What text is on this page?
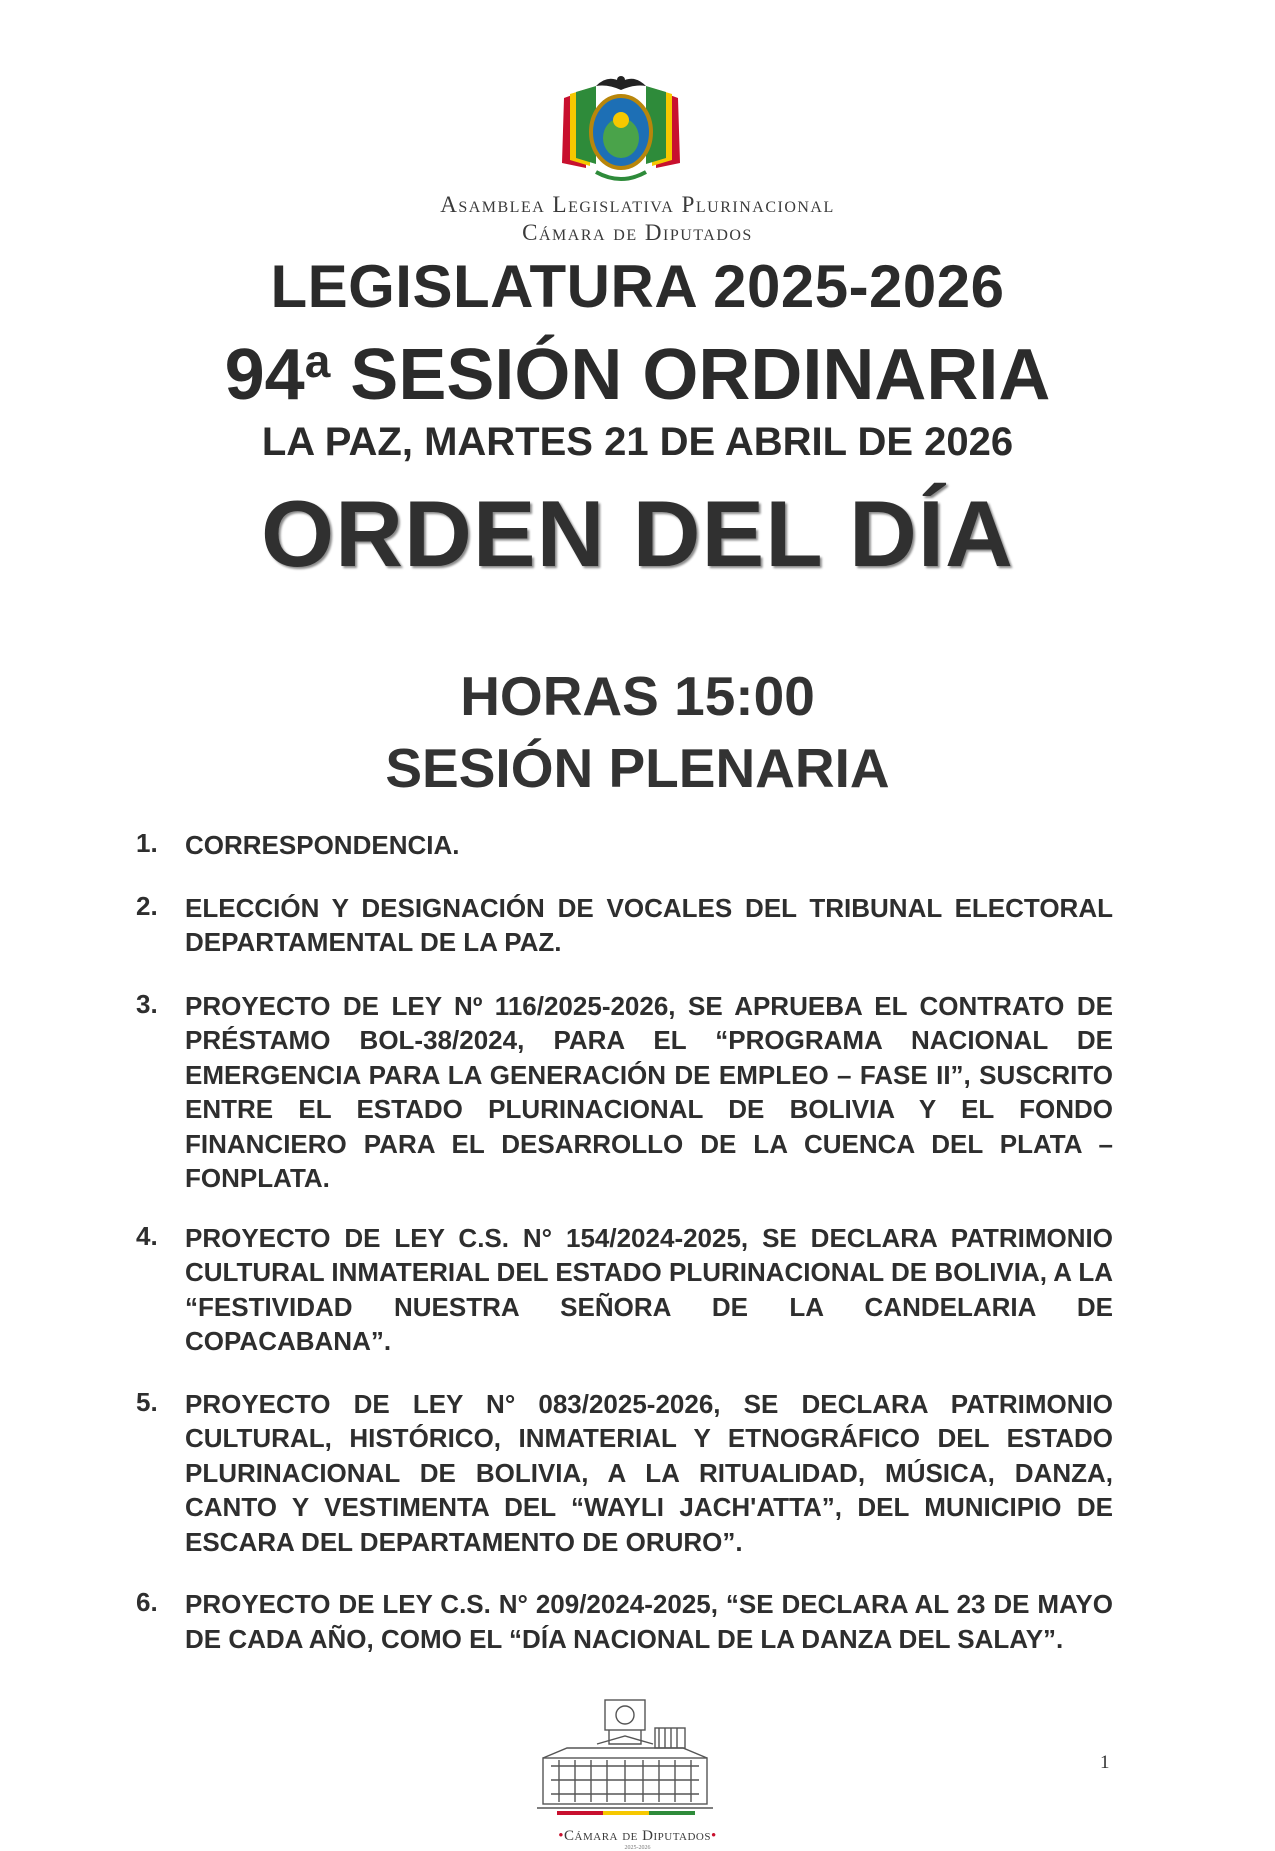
Asamblea Legislativa Plurinacional
Cámara de Diputados
LEGISLATURA 2025-2026
94$^a$ SESIÓN ORDINARIA
LA PAZ, MARTES 21 DE ABRIL DE 2026
ORDEN DEL DÍA
HORAS 15:00
SESIÓN PLENARIA
1. CORRESPONDENCIA.
2. ELECCIÓN Y DESIGNACIÓN DE VOCALES DEL TRIBUNAL ELECTORAL DEPARTAMENTAL DE LA PAZ.
3. PROYECTO DE LEY Nº 116/2025-2026, SE APRUEBA EL CONTRATO DE PRÉSTAMO BOL-38/2024, PARA EL “PROGRAMA NACIONAL DE EMERGENCIA PARA LA GENERACIÓN DE EMPLEO – FASE II”, SUSCRITO ENTRE EL ESTADO PLURINACIONAL DE BOLIVIA Y EL FONDO FINANCIERO PARA EL DESARROLLO DE LA CUENCA DEL PLATA – FONPLATA.
4. PROYECTO DE LEY C.S. N° 154/2024-2025, SE DECLARA PATRIMONIO CULTURAL INMATERIAL DEL ESTADO PLURINACIONAL DE BOLIVIA, A LA “FESTIVIDAD NUESTRA SEÑORA DE LA CANDELARIA DE COPACABANA”.
5. PROYECTO DE LEY N° 083/2025-2026, SE DECLARA PATRIMONIO CULTURAL, HISTÓRICO, INMATERIAL Y ETNOGRÁFICO DEL ESTADO PLURINACIONAL DE BOLIVIA, A LA RITUALIDAD, MÚSICA, DANZA, CANTO Y VESTIMENTA DEL “WAYLI JACH'ATTA”, DEL MUNICIPIO DE ESCARA DEL DEPARTAMENTO DE ORURO”.
6. PROYECTO DE LEY C.S. N° 209/2024-2025, “SE DECLARA AL 23 DE MAYO DE CADA AÑO, COMO EL “DÍA NACIONAL DE LA DANZA DEL SALAY”.
•Cámara de Diputados•
2025-2026
1
